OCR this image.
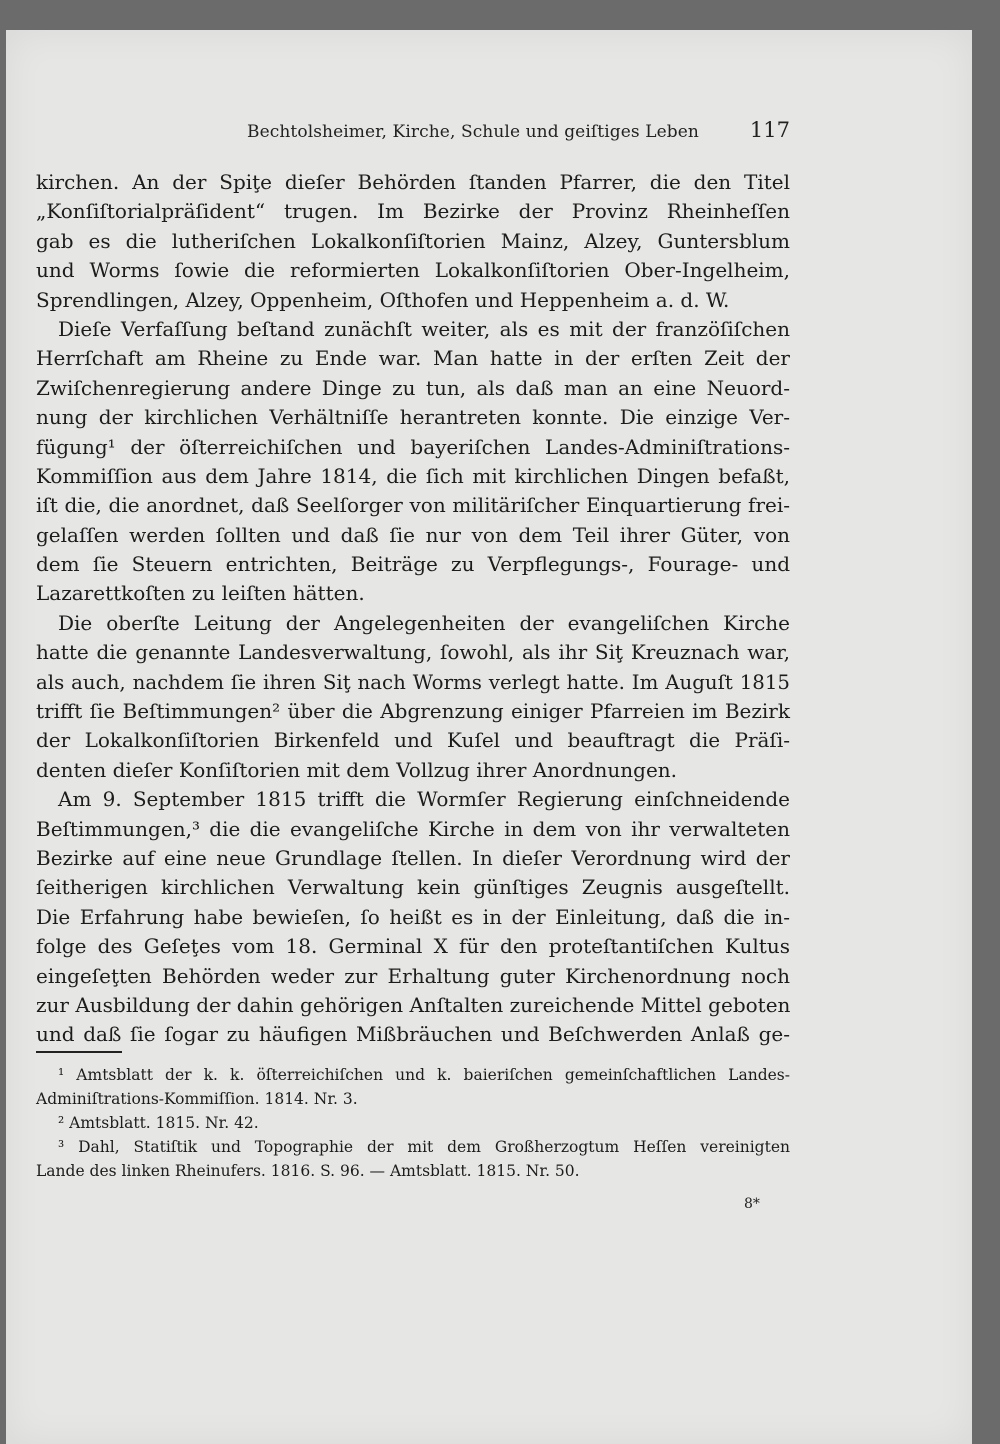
Bechtolsheimer, Kirche, Schule und geiſtiges Leben 117
kirchen. An der Spiţe dieſer Behörden ſtanden Pfarrer, die den Titel
„Konſiſtorialpräſident“ trugen. Im Bezirke der Provinz Rheinheſſen
gab es die lutheriſchen Lokalkonſiſtorien Mainz, Alzey, Guntersblum
und Worms ſowie die reformierten Lokalkonſiſtorien Ober-Ingelheim,
Sprendlingen, Alzey, Oppenheim, Oſthofen und Heppenheim a. d. W.
Dieſe Verfaſſung beſtand zunächſt weiter, als es mit der franzöſiſchen
Herrſchaft am Rheine zu Ende war. Man hatte in der erſten Zeit der
Zwiſchenregierung andere Dinge zu tun, als daß man an eine Neuord-
nung der kirchlichen Verhältniſſe herantreten konnte. Die einzige Ver-
fügung¹ der öſterreichiſchen und bayeriſchen Landes-Adminiſtrations-
Kommiſſion aus dem Jahre 1814, die ſich mit kirchlichen Dingen befaßt,
iſt die, die anordnet, daß Seelſorger von militäriſcher Einquartierung frei-
gelaſſen werden ſollten und daß ſie nur von dem Teil ihrer Güter, von
dem ſie Steuern entrichten, Beiträge zu Verpflegungs-, Fourage- und
Lazarettkoſten zu leiſten hätten.
Die oberſte Leitung der Angelegenheiten der evangeliſchen Kirche
hatte die genannte Landesverwaltung, ſowohl, als ihr Siţ Kreuznach war,
als auch, nachdem ſie ihren Siţ nach Worms verlegt hatte. Im Auguſt 1815
trifft ſie Beſtimmungen² über die Abgrenzung einiger Pfarreien im Bezirk
der Lokalkonſiſtorien Birkenfeld und Kuſel und beauftragt die Präſi-
denten dieſer Konſiſtorien mit dem Vollzug ihrer Anordnungen.
Am 9. September 1815 trifft die Wormſer Regierung einſchneidende
Beſtimmungen,³ die die evangeliſche Kirche in dem von ihr verwalteten
Bezirke auf eine neue Grundlage ſtellen. In dieſer Verordnung wird der
ſeitherigen kirchlichen Verwaltung kein günſtiges Zeugnis ausgeſtellt.
Die Erfahrung habe bewieſen, ſo heißt es in der Einleitung, daß die in-
folge des Geſeţes vom 18. Germinal X für den proteſtantiſchen Kultus
eingeſeţten Behörden weder zur Erhaltung guter Kirchenordnung noch
zur Ausbildung der dahin gehörigen Anſtalten zureichende Mittel geboten
und daß ſie ſogar zu häufigen Mißbräuchen und Beſchwerden Anlaß ge-
¹ Amtsblatt der k. k. öſterreichiſchen und k. baieriſchen gemeinſchaftlichen Landes-
Adminiſtrations-Kommiſſion. 1814. Nr. 3.
² Amtsblatt. 1815. Nr. 42.
³ Dahl, Statiſtik und Topographie der mit dem Großherzogtum Heſſen vereinigten
Lande des linken Rheinufers. 1816. S. 96. — Amtsblatt. 1815. Nr. 50.
8*
